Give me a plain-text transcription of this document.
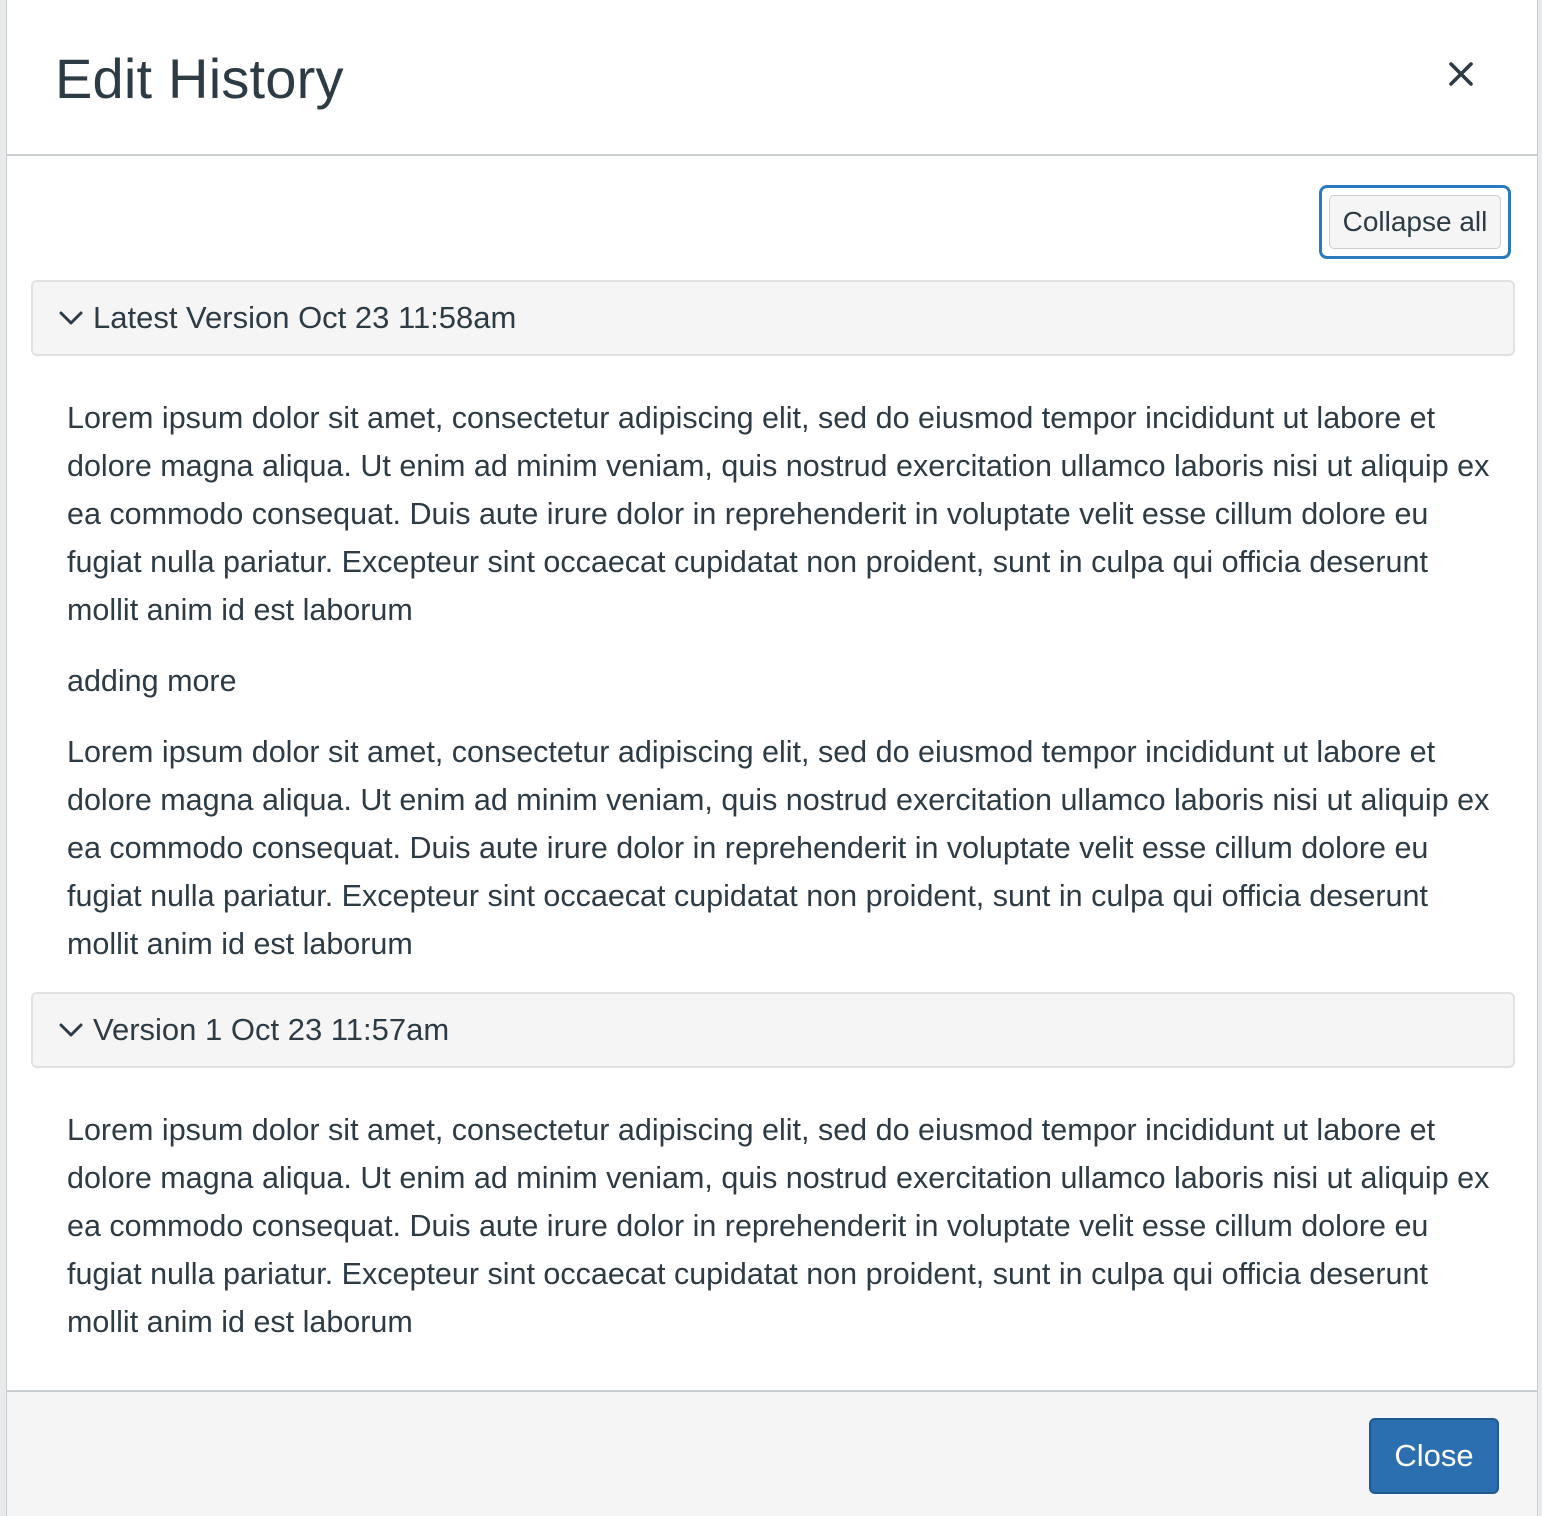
Edit History
Collapse all
Latest Version Oct 23 11:58am

Lorem ipsum dolor sit amet, consectetur adipiscing elit, sed do eiusmod tempor incididunt ut labore et dolore magna aliqua. Ut enim ad minim veniam, quis nostrud exercitation ullamco laboris nisi ut aliquip ex ea commodo consequat. Duis aute irure dolor in reprehenderit in voluptate velit esse cillum dolore eu fugiat nulla pariatur. Excepteur sint occaecat cupidatat non proident, sunt in culpa qui officia deserunt mollit anim id est laborum

adding more

Lorem ipsum dolor sit amet, consectetur adipiscing elit, sed do eiusmod tempor incididunt ut labore et dolore magna aliqua. Ut enim ad minim veniam, quis nostrud exercitation ullamco laboris nisi ut aliquip ex ea commodo consequat. Duis aute irure dolor in reprehenderit in voluptate velit esse cillum dolore eu fugiat nulla pariatur. Excepteur sint occaecat cupidatat non proident, sunt in culpa qui officia deserunt mollit anim id est laborum

Version 1 Oct 23 11:57am

Lorem ipsum dolor sit amet, consectetur adipiscing elit, sed do eiusmod tempor incididunt ut labore et dolore magna aliqua. Ut enim ad minim veniam, quis nostrud exercitation ullamco laboris nisi ut aliquip ex ea commodo consequat. Duis aute irure dolor in reprehenderit in voluptate velit esse cillum dolore eu fugiat nulla pariatur. Excepteur sint occaecat cupidatat non proident, sunt in culpa qui officia deserunt mollit anim id est laborum

Close
